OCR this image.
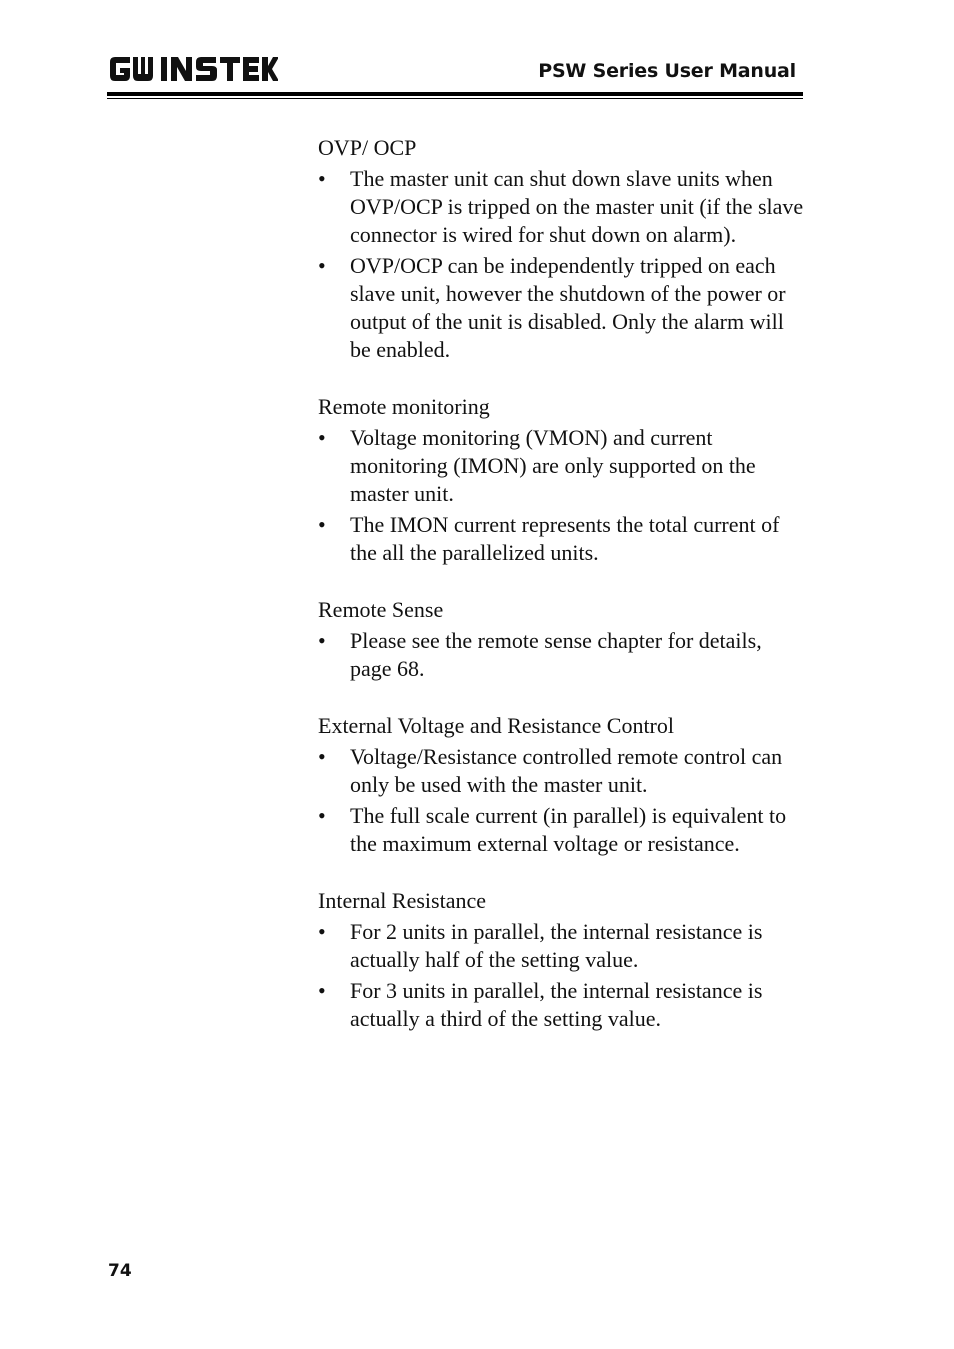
PSW Series User Manual
OVP/ OCP
• The master unit can shut down slave units when OVP/OCP is tripped on the master unit (if the slave connector is wired for shut down on alarm).
• OVP/OCP can be independently tripped on each slave unit, however the shutdown of the power or output of the unit is disabled. Only the alarm will be enabled.
Remote monitoring
• Voltage monitoring (VMON) and current monitoring (IMON) are only supported on the master unit.
• The IMON current represents the total current of the all the parallelized units.
Remote Sense
• Please see the remote sense chapter for details, page 68.
External Voltage and Resistance Control
• Voltage/Resistance controlled remote control can only be used with the master unit.
• The full scale current (in parallel) is equivalent to the maximum external voltage or resistance.
Internal Resistance
• For 2 units in parallel, the internal resistance is actually half of the setting value.
• For 3 units in parallel, the internal resistance is actually a third of the setting value.
74
